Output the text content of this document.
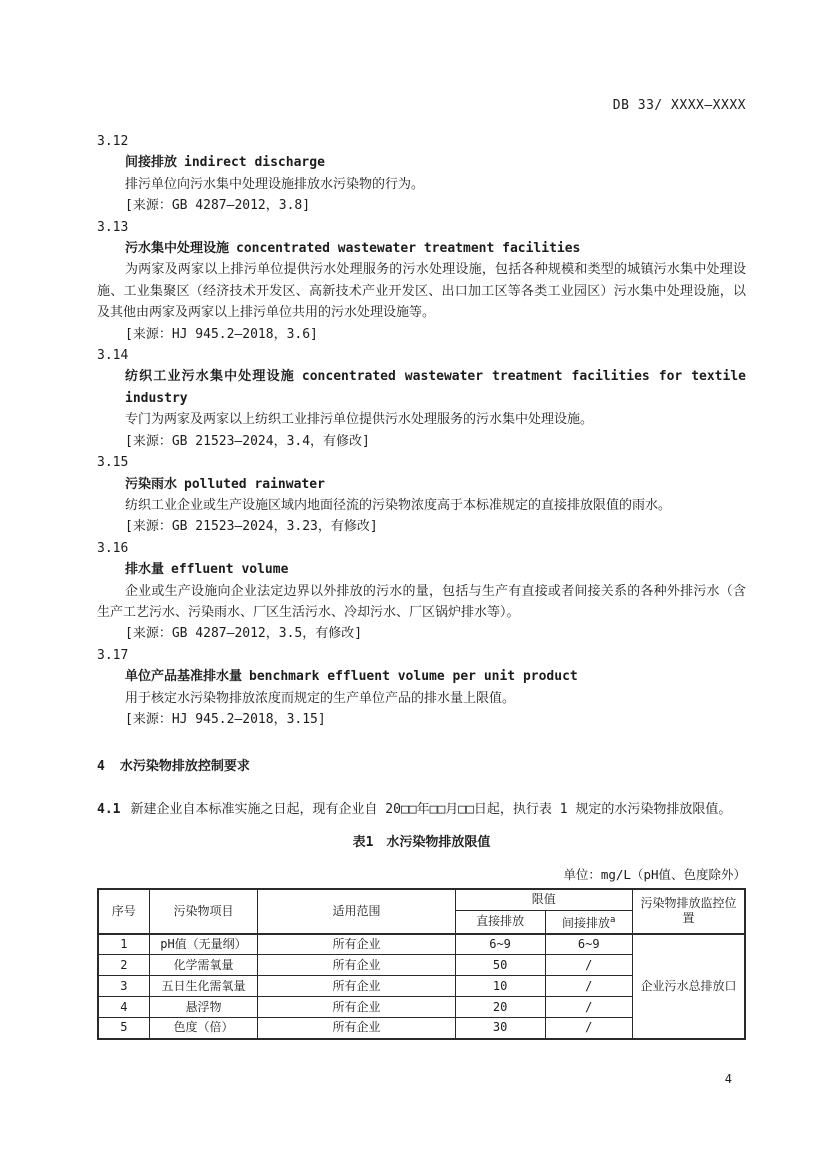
DB 33/ XXXX—XXXX
3.12
间接排放 indirect discharge

排污单位向污水集中处理设施排放水污染物的行为。

[来源：GB 4287—2012，3.8]
3.13
污水集中处理设施 concentrated wastewater treatment facilities

为两家及两家以上排污单位提供污水处理服务的污水处理设施，包括各种规模和类型的城镇污水集中处理设施、工业集聚区（经济技术开发区、高新技术产业开发区、出口加工区等各类工业园区）污水集中处理设施，以及其他由两家及两家以上排污单位共用的污水处理设施等。

[来源：HJ 945.2—2018，3.6]
3.14
纺织工业污水集中处理设施 concentrated wastewater treatment facilities for textile industry

专门为两家及两家以上纺织工业排污单位提供污水处理服务的污水集中处理设施。

[来源：GB 21523—2024，3.4，有修改]
3.15
污染雨水 polluted rainwater

纺织工业企业或生产设施区域内地面径流的污染物浓度高于本标准规定的直接排放限值的雨水。

[来源：GB 21523—2024，3.23，有修改]
3.16
排水量 effluent volume

企业或生产设施向企业法定边界以外排放的污水的量，包括与生产有直接或者间接关系的各种外排污水（含生产工艺污水、污染雨水、厂区生活污水、冷却污水、厂区锅炉排水等）。

[来源：GB 4287—2012，3.5，有修改]
3.17
单位产品基准排水量 benchmark effluent volume per unit product

用于核定水污染物排放浓度而规定的生产单位产品的排水量上限值。

[来源：HJ 945.2—2018，3.15]
4 水污染物排放控制要求

4.1 新建企业自本标准实施之日起，现有企业自 20□□年□□月□□日起，执行表 1 规定的水污染物排放限值。

表1　水污染物排放限值
单位：mg/L（pH值、色度除外）
序号	污染物项目	适用范围	限值		污染物排放监控位置
			直接排放	间接排放$^a$
1	pH值（无量纲）	所有企业	6~9	6~9	企业污水总排放口
2	化学需氧量	所有企业	50	/	
3	五日生化需氧量	所有企业	10	/	
4	悬浮物	所有企业	20	/	
5	色度（倍）	所有企业	30	/	
4
